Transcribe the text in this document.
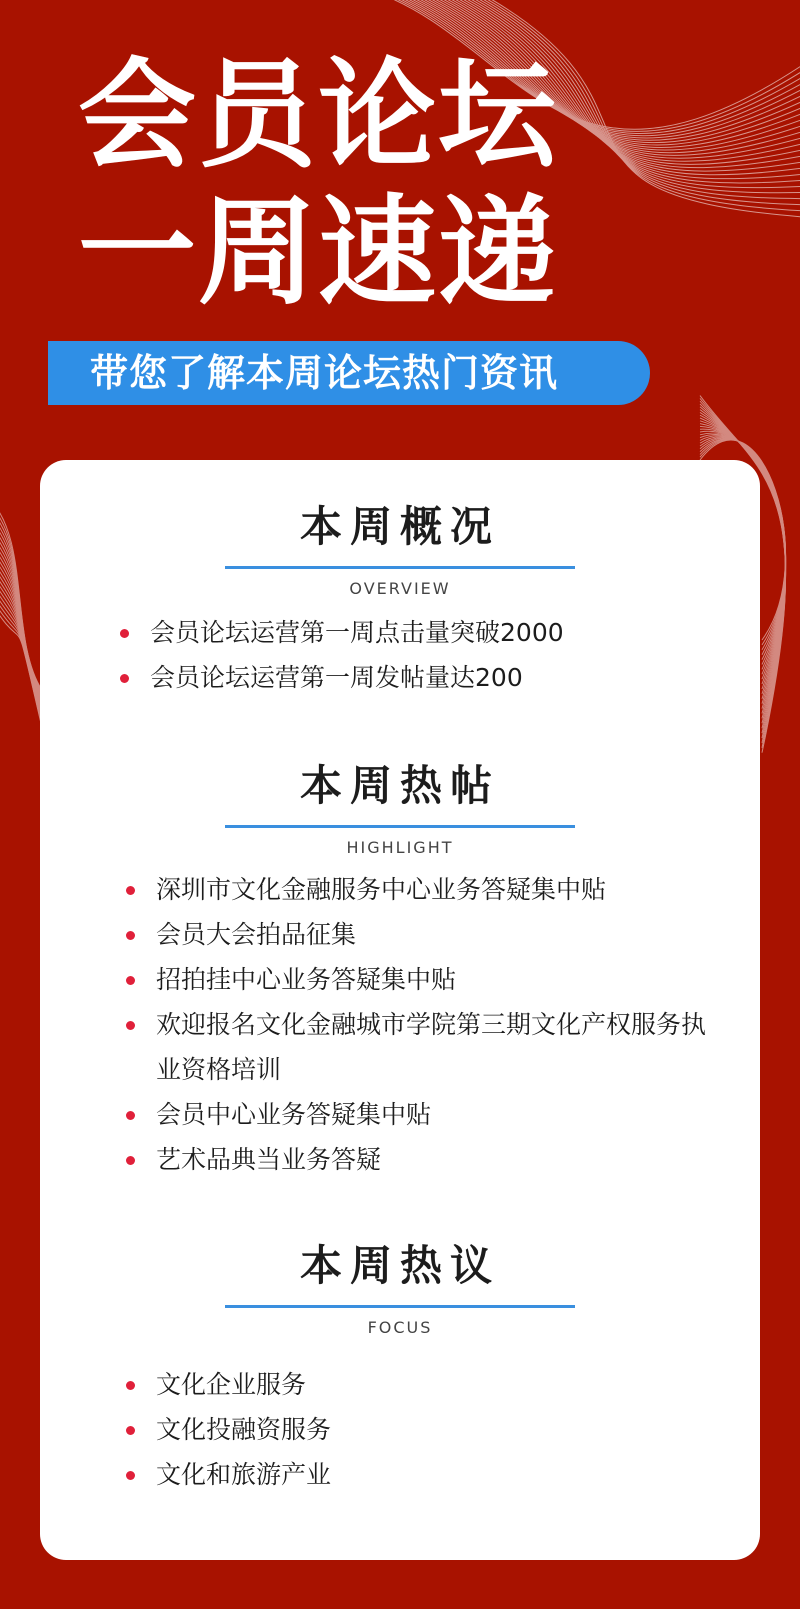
会员论坛
一周速递
带您了解本周论坛热门资讯
本周概况
OVERVIEW
会员论坛运营第一周点击量突破2000
会员论坛运营第一周发帖量达200
本周热帖
HIGHLIGHT
深圳市文化金融服务中心业务答疑集中贴
会员大会拍品征集
招拍挂中心业务答疑集中贴
欢迎报名文化金融城市学院第三期文化产权服务执业资格培训
会员中心业务答疑集中贴
艺术品典当业务答疑
本周热议
FOCUS
文化企业服务
文化投融资服务
文化和旅游产业
